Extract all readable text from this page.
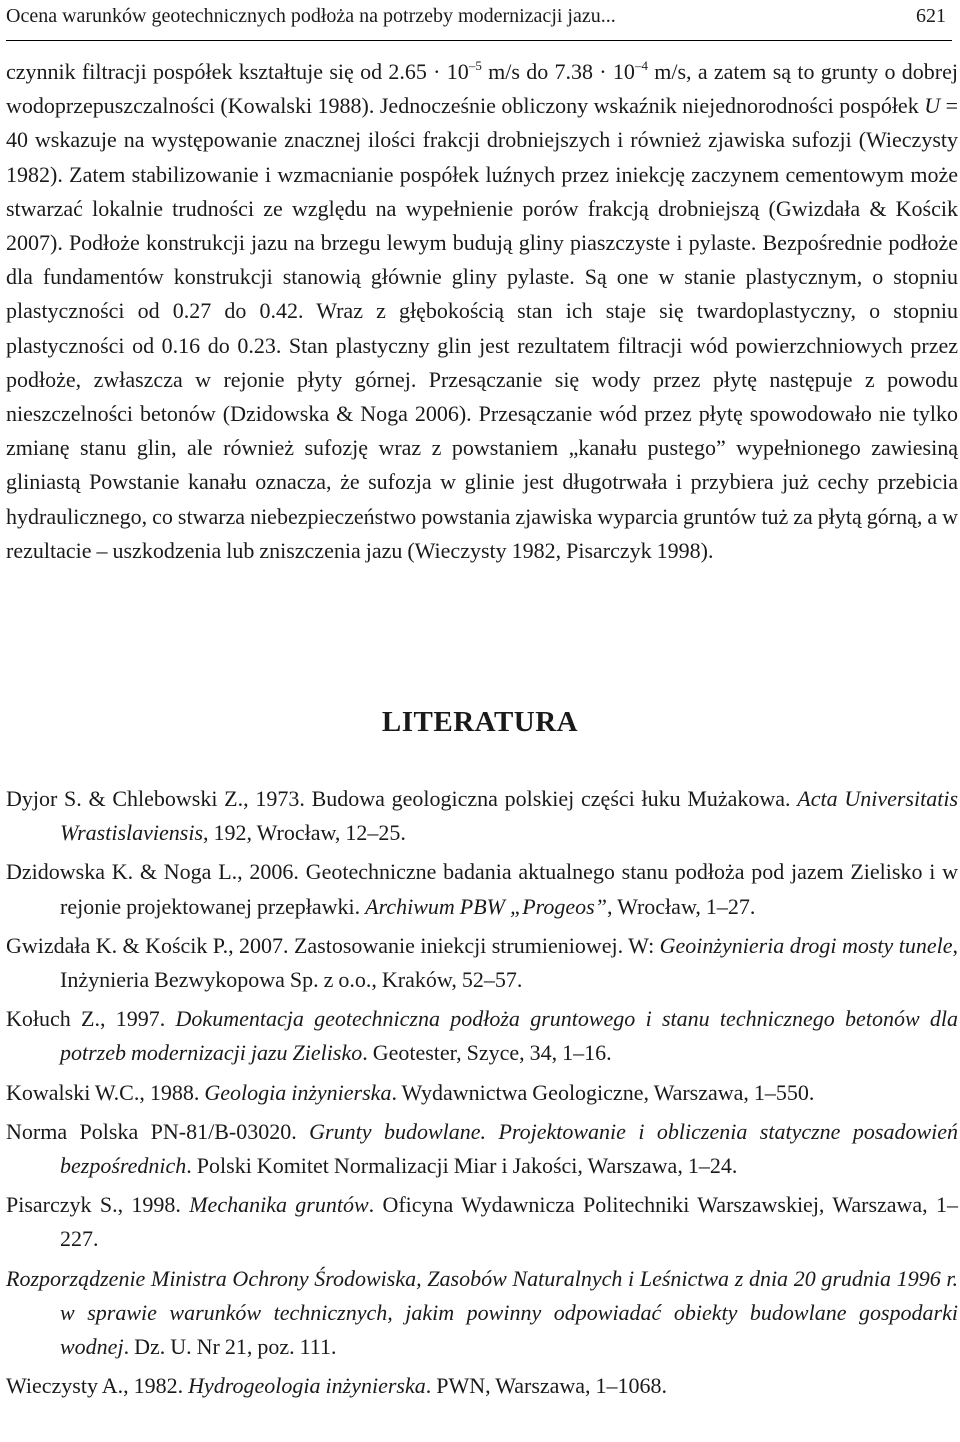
Ocena warunków geotechnicznych podłoża na potrzeby modernizacji jazu...	621

czynnik filtracji pospółek kształtuje się od $2.65 \cdot 10^{-5}$ m/s do $7.38 \cdot 10^{-4}$ m/s, a zatem są to grunty o dobrej wodoprzepuszczalności (Kowalski 1988). Jednocześnie obliczony wskaźnik niejednorodności pospółek U = 40 wskazuje na występowanie znacznej ilości frakcji drobniejszych i również zjawiska sufozji (Wieczysty 1982). Zatem stabilizowanie i wzmacnianie pospółek luźnych przez iniekcję zaczynem cementowym może stwarzać lokalnie trudności ze względu na wypełnienie porów frakcją drobniejszą (Gwizdała & Kościk 2007). Podłoże konstrukcji jazu na brzegu lewym budują gliny piaszczyste i pylaste. Bezpośrednie podłoże dla fundamentów konstrukcji stanowią głównie gliny pylaste. Są one w stanie plastycznym, o stopniu plastyczności od 0.27 do 0.42. Wraz z głębokością stan ich staje się twardoplastyczny, o stopniu plastyczności od 0.16 do 0.23. Stan plastyczny glin jest rezultatem filtracji wód powierzchniowych przez podłoże, zwłaszcza w rejonie płyty górnej. Przesączanie się wody przez płytę następuje z powodu nieszczelności betonów (Dzidowska & Noga 2006). Przesączanie wód przez płytę spowodowało nie tylko zmianę stanu glin, ale również sufozję wraz z powstaniem „kanału pustego” wypełnionego zawiesiną gliniastą Powstanie kanału oznacza, że sufozja w glinie jest długotrwała i przybiera już cechy przebicia hydraulicznego, co stwarza niebezpieczeństwo powstania zjawiska wyparcia gruntów tuż za płytą górną, a w rezultacie – uszkodzenia lub zniszczenia jazu (Wieczysty 1982, Pisarczyk 1998).

LITERATURA

Dyjor S. & Chlebowski Z., 1973. Budowa geologiczna polskiej części łuku Mużakowa. Acta Universitatis Wrastislaviensis, 192, Wrocław, 12–25.

Dzidowska K. & Noga L., 2006. Geotechniczne badania aktualnego stanu podłoża pod jazem Zielisko i w rejonie projektowanej przepławki. Archiwum PBW „Progeos”, Wrocław, 1–27.

Gwizdała K. & Kościk P., 2007. Zastosowanie iniekcji strumieniowej. W: Geoinżynieria drogi mosty tunele, Inżynieria Bezwykopowa Sp. z o.o., Kraków, 52–57.

Kołuch Z., 1997. Dokumentacja geotechniczna podłoża gruntowego i stanu technicznego betonów dla potrzeb modernizacji jazu Zielisko. Geotester, Szyce, 34, 1–16.

Kowalski W.C., 1988. Geologia inżynierska. Wydawnictwa Geologiczne, Warszawa, 1–550.

Norma Polska PN-81/B-03020. Grunty budowlane. Projektowanie i obliczenia statyczne posadowień bezpośrednich. Polski Komitet Normalizacji Miar i Jakości, Warszawa, 1–24.

Pisarczyk S., 1998. Mechanika gruntów. Oficyna Wydawnicza Politechniki Warszawskiej, Warszawa, 1–227.

Rozporządzenie Ministra Ochrony Środowiska, Zasobów Naturalnych i Leśnictwa z dnia 20 grudnia 1996 r. w sprawie warunków technicznych, jakim powinny odpowiadać obiekty budowlane gospodarki wodnej. Dz. U. Nr 21, poz. 111.

Wieczysty A., 1982. Hydrogeologia inżynierska. PWN, Warszawa, 1–1068.
